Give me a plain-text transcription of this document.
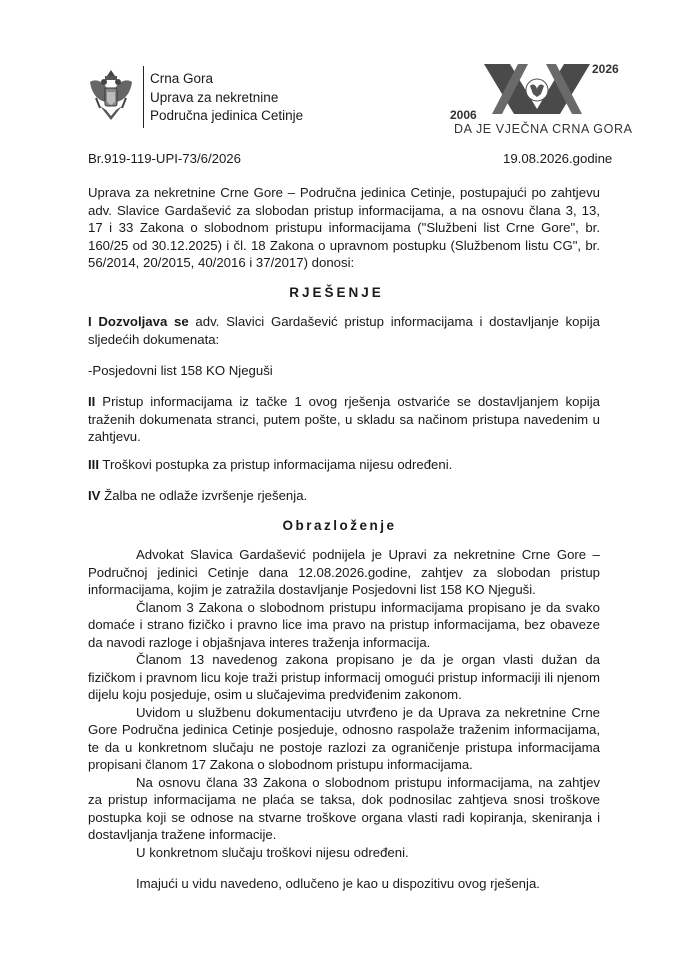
Crna Gora
Uprava za nekretnine
Područna jedinica Cetinje
2026
2006
DA JE VJEČNA CRNA GORA
Br.919-119-UPI-73/6/2026	19.08.2026.godine

Uprava za nekretnine Crne Gore – Područna jedinica Cetinje, postupajući po zahtjevu adv. Slavice Gardašević za slobodan pristup informacijama, a na osnovu člana 3, 13, 17 i 33 Zakona o slobodnom pristupu informacijama ("Službeni list Crne Gore", br. 160/25 od 30.12.2025) i čl. 18 Zakona o upravnom postupku (Službenom listu CG", br. 56/2014, 20/2015, 40/2016 i 37/2017) donosi:

RJEŠENJE

I Dozvoljava se adv. Slavici Gardašević pristup informacijama i dostavljanje kopija sljedećih dokumenata:

-Posjedovni list 158 KO Njeguši

II Pristup informacijama iz tačke 1 ovog rješenja ostvariće se dostavljanjem kopija traženih dokumenata stranci, putem pošte, u skladu sa načinom pristupa navedenim u zahtjevu.

III Troškovi postupka za pristup informacijama nijesu određeni.

IV Žalba ne odlaže izvršenje rješenja.

Obrazloženje

Advokat Slavica Gardašević podnijela je Upravi za nekretnine Crne Gore – Područnoj jedinici Cetinje dana 12.08.2026.godine, zahtjev za slobodan pristup informacijama, kojim je zatražila dostavljanje Posjedovni list 158 KO Njeguši.

Članom 3 Zakona o slobodnom pristupu informacijama propisano je da svako domaće i strano fizičko i pravno lice ima pravo na pristup informacijama, bez obaveze da navodi razloge i objašnjava interes traženja informacija.

Članom 13 navedenog zakona propisano je da je organ vlasti dužan da fizičkom i pravnom licu koje traži pristup informacij omogući pristup informaciji ili njenom dijelu koju posjeduje, osim u slučajevima predviđenim zakonom.

Uvidom u službenu dokumentaciju utvrđeno je da Uprava za nekretnine Crne Gore Područna jedinica Cetinje posjeduje, odnosno raspolaže traženim informacijama, te da u konkretnom slučaju ne postoje razlozi za ograničenje pristupa informacijama propisani članom 17 Zakona o slobodnom pristupu informacijama.

Na osnovu člana 33 Zakona o slobodnom pristupu informacijama, na zahtjev za pristup informacijama ne plaća se taksa, dok podnosilac zahtjeva snosi troškove postupka koji se odnose na stvarne troškove organa vlasti radi kopiranja, skeniranja i dostavljanja tražene informacije.

U konkretnom slučaju troškovi nijesu određeni.

Imajući u vidu navedeno, odlučeno je kao u dispozitivu ovog rješenja.
